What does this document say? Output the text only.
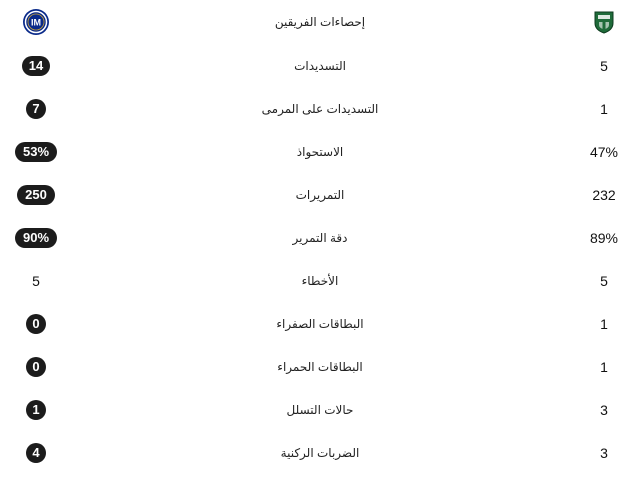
IM	إحصاءات الفريقين
14	التسديدات	5
7	التسديدات على المرمى	1
53%	الاستحواذ	47%
250	التمريرات	232
90%	دقة التمرير	89%
5	الأخطاء	5
0	البطاقات الصفراء	1
0	البطاقات الحمراء	1
1	حالات التسلل	3
4	الضربات الركنية	3
